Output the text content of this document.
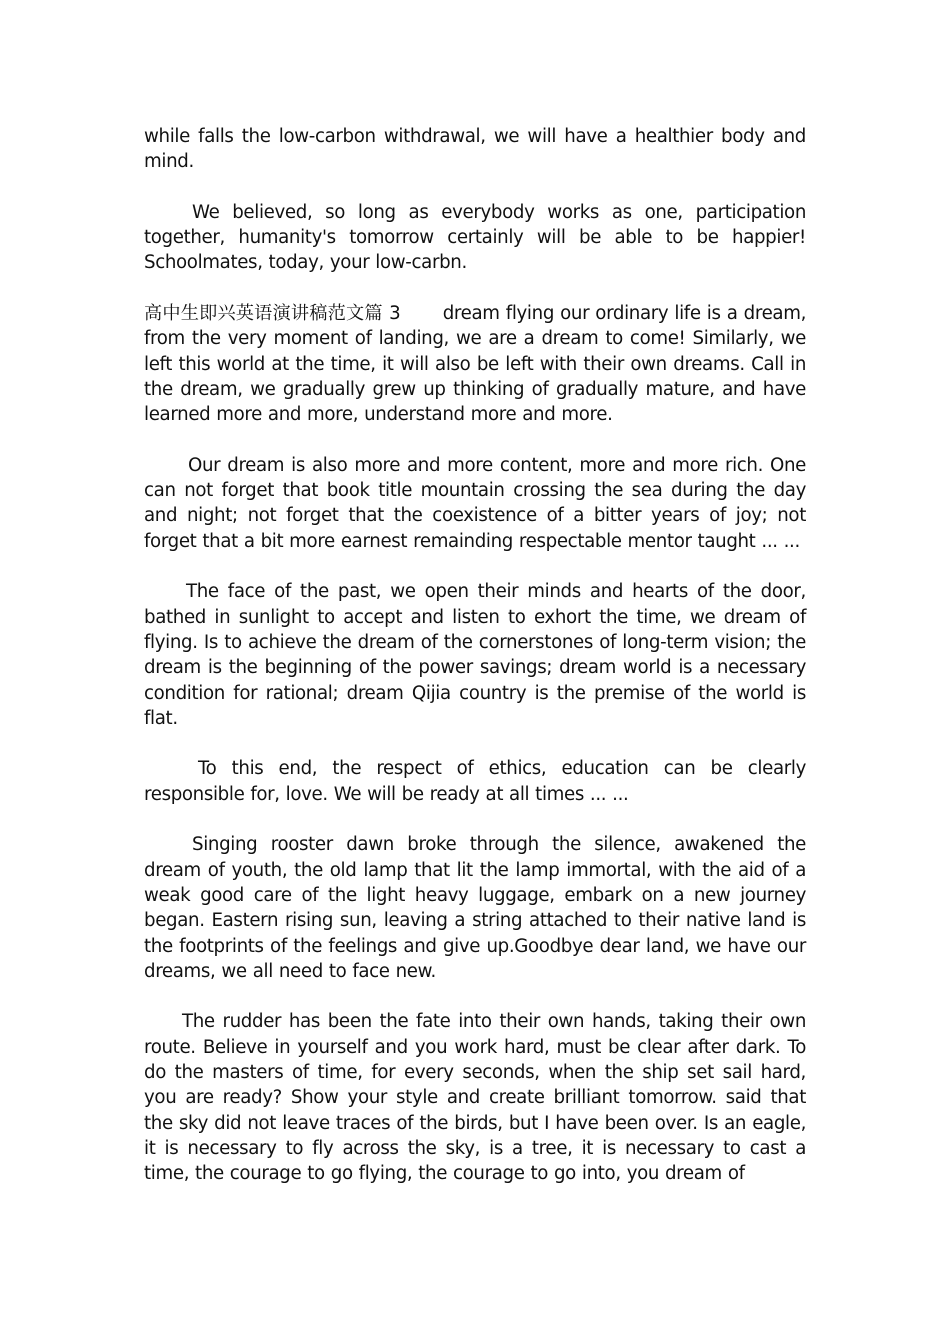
while falls the low-carbon withdrawal, we will have a healthier body and mind.

We believed, so long as everybody works as one, participation together, humanity's tomorrow certainly will be able to be happier! Schoolmates, today, your low-carbn.

高中生即兴英语演讲稿范文篇 3 dream flying our ordinary life is a dream, from the very moment of landing, we are a dream to come! Similarly, we left this world at the time, it will also be left with their own dreams. Call in the dream, we gradually grew up thinking of gradually mature, and have learned more and more, understand more and more.

Our dream is also more and more content, more and more rich. One can not forget that book title mountain crossing the sea during the day and night; not forget that the coexistence of a bitter years of joy; not forget that a bit more earnest remainding respectable mentor taught ... ...

The face of the past, we open their minds and hearts of the door, bathed in sunlight to accept and listen to exhort the time, we dream of flying. Is to achieve the dream of the cornerstones of long-term vision; the dream is the beginning of the power savings; dream world is a necessary condition for rational; dream Qijia country is the premise of the world is flat.

To this end, the respect of ethics, education can be clearly responsible for, love. We will be ready at all times ... ...

Singing rooster dawn broke through the silence, awakened the dream of youth, the old lamp that lit the lamp immortal, with the aid of a weak good care of the light heavy luggage, embark on a new journey began. Eastern rising sun, leaving a string attached to their native land is the footprints of the feelings and give up.Goodbye dear land, we have our dreams, we all need to face new.

The rudder has been the fate into their own hands, taking their own route. Believe in yourself and you work hard, must be clear after dark. To do the masters of time, for every seconds, when the ship set sail hard, you are ready? Show your style and create brilliant tomorrow. said that the sky did not leave traces of the birds, but I have been over. Is an eagle, it is necessary to fly across the sky, is a tree, it is necessary to cast a time, the courage to go flying, the courage to go into, you dream of
